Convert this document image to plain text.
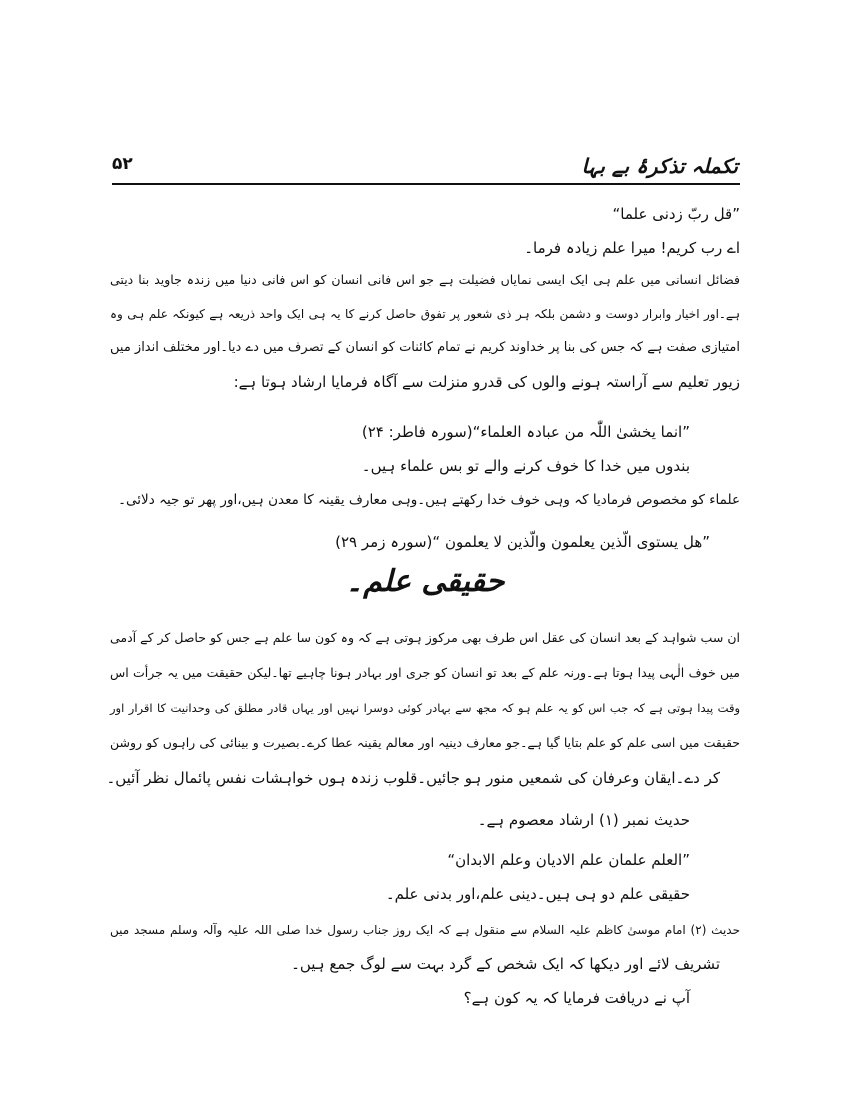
تکملہ تذکرۂ بے بہا
۵۲
”قل ربّ زدنی علما“
اے رب کریم! میرا علم زیادہ فرما۔
فضائل انسانی میں علم ہی ایک ایسی نمایاں فضیلت ہے جو اس فانی انسان کو اس فانی دنیا میں زندہ جاوید بنا دیتی
ہے۔اور اخیار وابرار دوست و دشمن بلکہ ہر ذی شعور پر تفوق حاصل کرنے کا یہ ہی ایک واحد ذریعہ ہے کیونکہ علم ہی وہ
امتیازی صفت ہے کہ جس کی بنا پر خداوند کریم نے تمام کائنات کو انسان کے تصرف میں دے دیا۔اور مختلف انداز میں
زیور تعلیم سے آراستہ ہونے والوں کی قدرو منزلت سے آگاہ فرمایا ارشاد ہوتا ہے:
”انما یخشیٰ اللّٰہ من عبادہ العلماء“(سورہ فاطر: ۲۴)
بندوں میں خدا کا خوف کرنے والے تو بس علماء ہیں۔
علماء کو مخصوص فرمادیا کہ وہی خوف خدا رکھتے ہیں۔وہی معارف یقینہ کا معدن ہیں،اور پھر تو جیہ دلائی۔
”ھل یستوی الّذین یعلمون والّذین لا یعلمون “(سورہ زمر ۲۹)
حقیقی علم۔
ان سب شواہد کے بعد انسان کی عقل اس طرف بھی مرکوز ہوتی ہے کہ وہ کون سا علم ہے جس کو حاصل کر کے آدمی
میں خوف الٰہی پیدا ہوتا ہے۔ورنہ علم کے بعد تو انسان کو جری اور بہادر ہونا چاہیے تھا۔لیکن حقیقت میں یہ جرأت اس
وقت پیدا ہوتی ہے کہ جب اس کو یہ علم ہو کہ مجھ سے بہادر کوئی دوسرا نہیں اور یہاں قادر مطلق کی وحدانیت کا اقرار اور
حقیقت میں اسی علم کو علم بتایا گیا ہے۔جو معارف دینیہ اور معالم یقینہ عطا کرے۔بصیرت و بینائی کی راہوں کو روشن
کر دے۔ایقان وعرفان کی شمعیں منور ہو جائیں۔قلوب زندہ ہوں خواہشات نفس پائمال نظر آئیں۔
حدیث نمبر (۱) ارشاد معصوم ہے۔
”العلم علمان علم الادیان وعلم الابدان“
حقیقی علم دو ہی ہیں۔دینی علم،اور بدنی علم۔
حدیث (۲) امام موسیٰ کاظم علیہ السلام سے منقول ہے کہ ایک روز جناب رسول خدا صلی اللہ علیہ وآلہ وسلم مسجد میں
تشریف لائے اور دیکھا کہ ایک شخص کے گرد بہت سے لوگ جمع ہیں۔
آپ نے دریافت فرمایا کہ یہ کون ہے؟
